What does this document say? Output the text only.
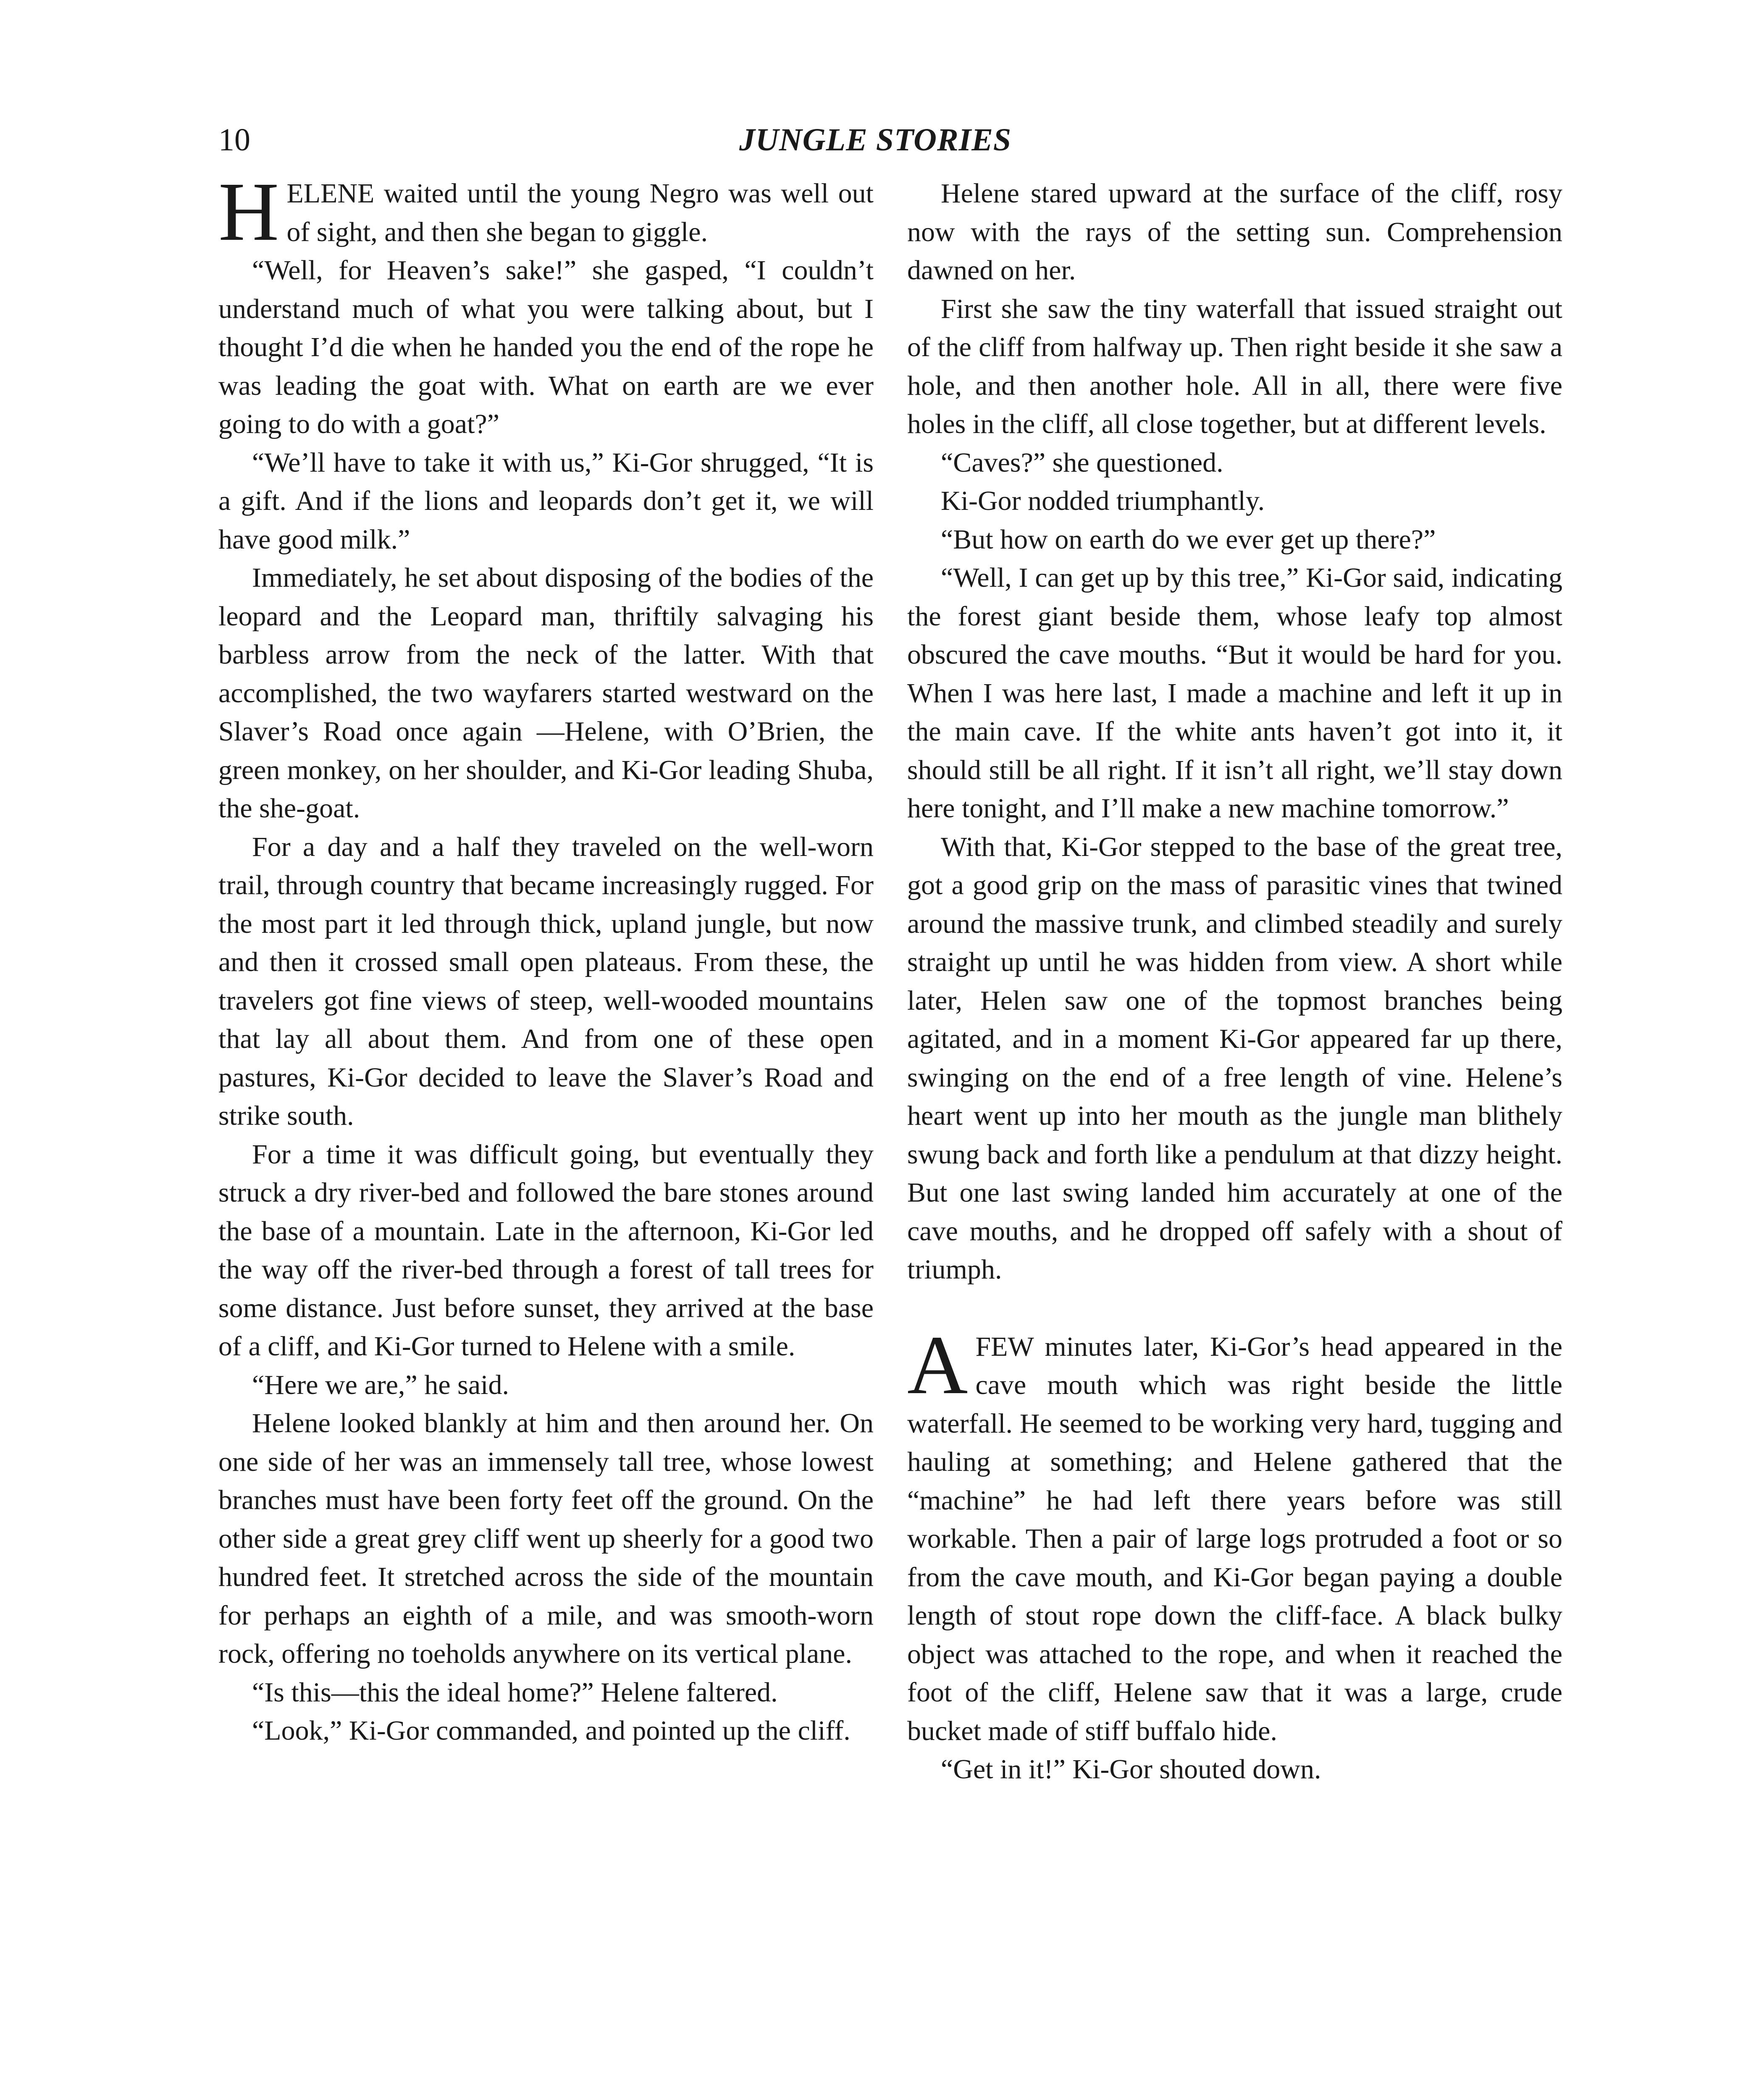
10	JUNGLE STORIES

HELENE waited until the young Negro was well out of sight, and then she began to giggle.

“Well, for Heaven’s sake!” she gasped, “I couldn’t understand much of what you were talking about, but I thought I’d die when he handed you the end of the rope he was leading the goat with. What on earth are we ever going to do with a goat?”

“We’ll have to take it with us,” Ki-Gor shrugged, “It is a gift. And if the lions and leopards don’t get it, we will have good milk.”

Immediately, he set about disposing of the bodies of the leopard and the Leopard man, thriftily salvaging his barbless arrow from the neck of the latter. With that accomplished, the two wayfarers started westward on the Slaver’s Road once again —Helene, with O’Brien, the green monkey, on her shoulder, and Ki-Gor leading Shuba, the she-goat.

For a day and a half they traveled on the well-worn trail, through country that became increasingly rugged. For the most part it led through thick, upland jungle, but now and then it crossed small open plateaus. From these, the travelers got fine views of steep, well-wooded mountains that lay all about them. And from one of these open pastures, Ki-Gor decided to leave the Slaver’s Road and strike south.

For a time it was difficult going, but eventually they struck a dry river-bed and followed the bare stones around the base of a mountain. Late in the afternoon, Ki-Gor led the way off the river-bed through a forest of tall trees for some distance. Just before sunset, they arrived at the base of a cliff, and Ki-Gor turned to Helene with a smile.

“Here we are,” he said.

Helene looked blankly at him and then around her. On one side of her was an immensely tall tree, whose lowest branches must have been forty feet off the ground. On the other side a great grey cliff went up sheerly for a good two hundred feet. It stretched across the side of the mountain for perhaps an eighth of a mile, and was smooth-worn rock, offering no toeholds anywhere on its vertical plane.

“Is this—this the ideal home?” Helene faltered.

“Look,” Ki-Gor commanded, and pointed up the cliff.

Helene stared upward at the surface of the cliff, rosy now with the rays of the setting sun. Comprehension dawned on her.

First she saw the tiny waterfall that issued straight out of the cliff from halfway up. Then right beside it she saw a hole, and then another hole. All in all, there were five holes in the cliff, all close together, but at different levels.

“Caves?” she questioned.

Ki-Gor nodded triumphantly.

“But how on earth do we ever get up there?”

“Well, I can get up by this tree,” Ki-Gor said, indicating the forest giant beside them, whose leafy top almost obscured the cave mouths. “But it would be hard for you. When I was here last, I made a machine and left it up in the main cave. If the white ants haven’t got into it, it should still be all right. If it isn’t all right, we’ll stay down here tonight, and I’ll make a new machine tomorrow.”

With that, Ki-Gor stepped to the base of the great tree, got a good grip on the mass of parasitic vines that twined around the massive trunk, and climbed steadily and surely straight up until he was hidden from view. A short while later, Helen saw one of the topmost branches being agitated, and in a moment Ki-Gor appeared far up there, swinging on the end of a free length of vine. Helene’s heart went up into her mouth as the jungle man blithely swung back and forth like a pendulum at that dizzy height. But one last swing landed him accurately at one of the cave mouths, and he dropped off safely with a shout of triumph.

AFEW minutes later, Ki-Gor’s head appeared in the cave mouth which was right beside the little waterfall. He seemed to be working very hard, tugging and hauling at something; and Helene gathered that the “machine” he had left there years before was still workable. Then a pair of large logs protruded a foot or so from the cave mouth, and Ki-Gor began paying a double length of stout rope down the cliff-face. A black bulky object was attached to the rope, and when it reached the foot of the cliff, Helene saw that it was a large, crude bucket made of stiff buffalo hide.

“Get in it!” Ki-Gor shouted down.
